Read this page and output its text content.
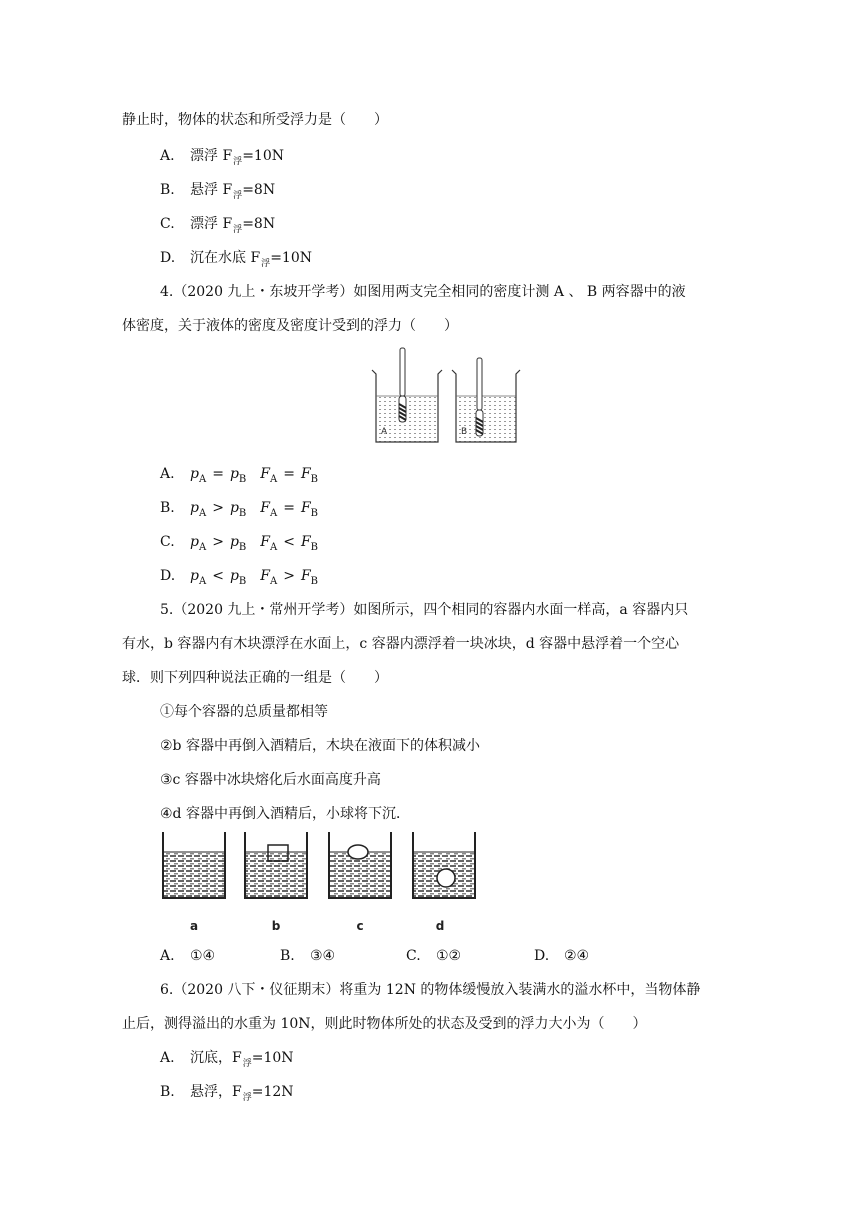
静止时，物体的状态和所受浮力是（　　）
A. 漂浮 $F_浮=10N$
B. 悬浮 $F_浮=8N$
C. 漂浮 $F_浮=8N$
D. 沉在水底 $F_浮=10N$
4.（2020 九上・东坡开学考）如图用两支完全相同的密度计测 A 、 B 两容器中的液
体密度，关于液体的密度及密度计受到的浮力（　　）
A	B
A. $p_A = p_B$ $F_A = F_B$
B. $p_A > p_B$ $F_A = F_B$
C. $p_A > p_B$ $F_A < F_B$
D. $p_A < p_B$ $F_A > F_B$
5.（2020 九上・常州开学考）如图所示，四个相同的容器内水面一样高，a 容器内只
有水，b 容器内有木块漂浮在水面上，c 容器内漂浮着一块冰块，d 容器中悬浮着一个空心
球．则下列四种说法正确的一组是（　　）
①每个容器的总质量都相等
②b 容器中再倒入酒精后，木块在液面下的体积减小
③c 容器中冰块熔化后水面高度升高
④d 容器中再倒入酒精后，小球将下沉．
a	b	c	d
A. ①④	B. ③④	C. ①②	D. ②④
6.（2020 八下・仪征期末）将重为 12N 的物体缓慢放入装满水的溢水杯中，当物体静
止后，测得溢出的水重为 10N，则此时物体所处的状态及受到的浮力大小为（　　）
A. 沉底，$F_浮=10N$
B. 悬浮，$F_浮=12N$
